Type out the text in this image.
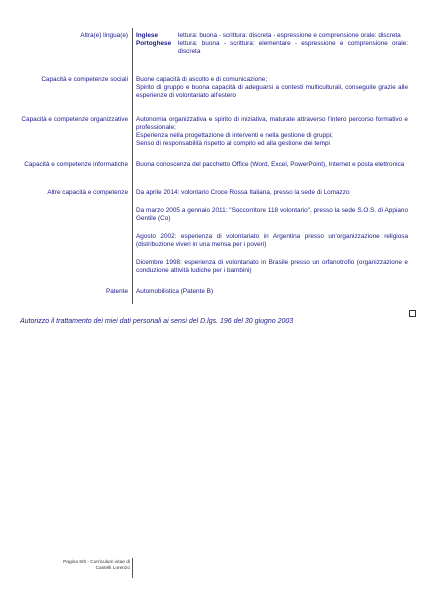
Altra(e) lingua(e) Inglese	lettura: buona - scrittura: discreta - espressione e comprensione orale: discreta
Portoghese	lettura: buona - scrittura: elementare - espressione e comprensione orale: discreta
Capacità e competenze sociali Buone capacità di ascolto e di comunicazione;

Spirito di gruppo e buona capacità di adeguarsi a contesti multiculturali, conseguite grazie alle esperienze di volontariato all'estero

Capacità e competenze organizzative Autonomia organizzativa e spirito di iniziativa, maturate attraverso l'intero percorso formativo e professionale;

Esperienza nella progettazione di interventi e nella gestione di gruppi;

Senso di responsabilità rispetto al compito ed alla gestione dei tempi

Capacità e competenze informatiche Buona conoscenza del pacchetto Office (Word, Excel, PowerPoint), Internet e posta elettronica

Altre capacità e competenze Da aprile 2014: volontario Croce Rossa Italiana, presso la sede di Lomazzo

Da marzo 2005 a gennaio 2011: "Soccorritore 118 volontario", presso la sede S.O.S. di Appiano Gentile (Co)

Agosto 2002: esperienza di volontariato in Argentina presso un'organizzazione religiosa (distribuzione viveri in una mensa per i poveri)

Dicembre 1998: esperienza di volontariato in Brasile presso un orfanotrofio (organizzazione e conduzione attività ludiche per i bambini)

Patente Automobilistica (Patente B)
Autorizzo il trattamento dei miei dati personali ai sensi del D.lgs. 196 del 30 giugno 2003
Pagina 5/5 - Curriculum vitae di
Castelli Lorenzo
